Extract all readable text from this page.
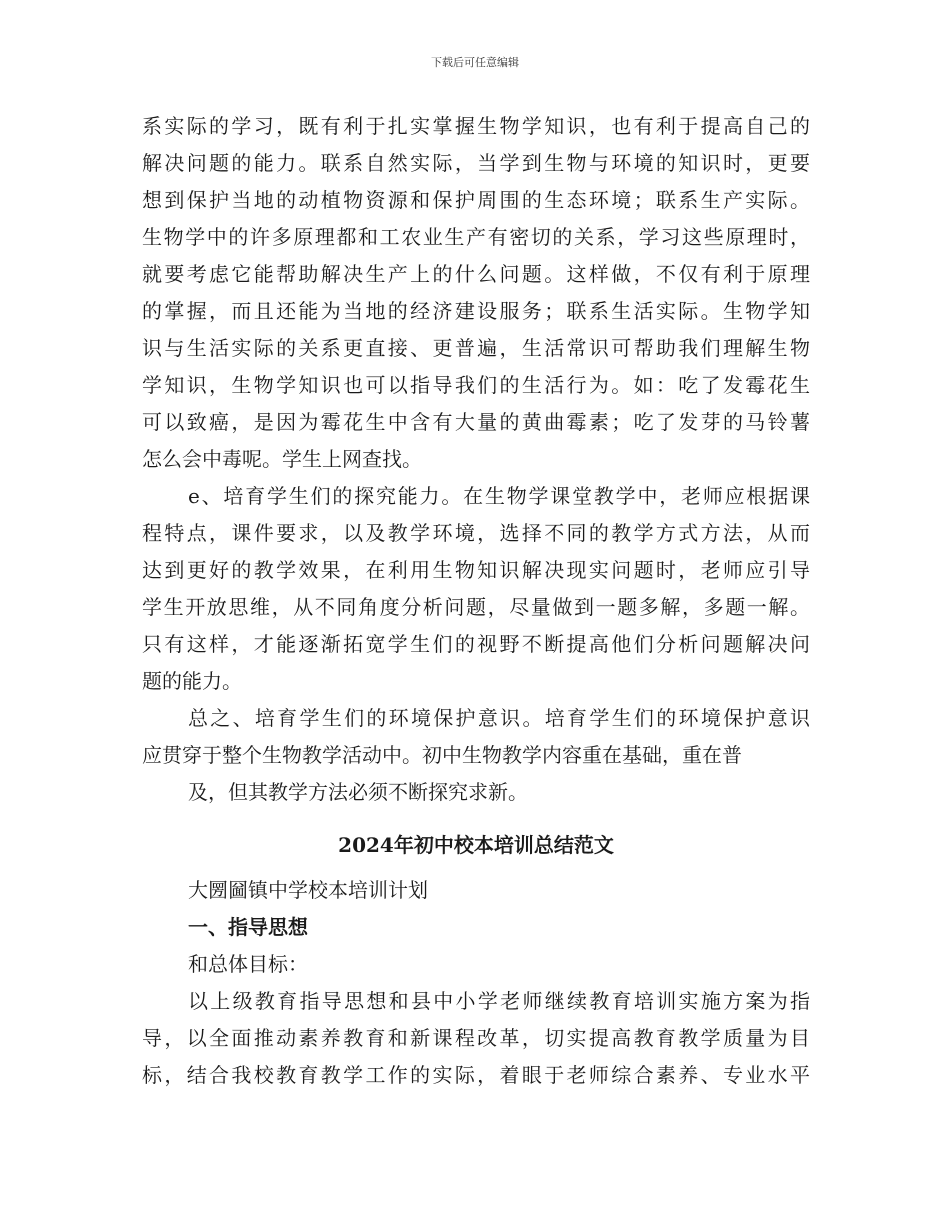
下载后可任意编辑
系实际的学习，既有利于扎实掌握生物学知识，也有利于提高自己的
解决问题的能力。联系自然实际，当学到生物与环境的知识时，更要
想到保护当地的动植物资源和保护周围的生态环境；联系生产实际。
生物学中的许多原理都和工农业生产有密切的关系，学习这些原理时，
就要考虑它能帮助解决生产上的什么问题。这样做，不仅有利于原理
的掌握，而且还能为当地的经济建设服务；联系生活实际。生物学知
识与生活实际的关系更直接、更普遍，生活常识可帮助我们理解生物
学知识，生物学知识也可以指导我们的生活行为。如：吃了发霉花生
可以致癌，是因为霉花生中含有大量的黄曲霉素；吃了发芽的马铃薯
怎么会中毒呢。学生上网查找。
e、培育学生们的探究能力。在生物学课堂教学中，老师应根据课
程特点，课件要求，以及教学环境，选择不同的教学方式方法，从而
达到更好的教学效果，在利用生物知识解决现实问题时，老师应引导
学生开放思维，从不同角度分析问题，尽量做到一题多解，多题一解。
只有这样，才能逐渐拓宽学生们的视野不断提高他们分析问题解决问
题的能力。
总之、培育学生们的环境保护意识。培育学生们的环境保护意识
应贯穿于整个生物教学活动中。初中生物教学内容重在基础，重在普
及，但其教学方法必须不断探究求新。
2024年初中校本培训总结范文
大圐圙镇中学校本培训计划
一、指导思想
和总体目标：
以上级教育指导思想和县中小学老师继续教育培训实施方案为指
导，以全面推动素养教育和新课程改革，切实提高教育教学质量为目
标，结合我校教育教学工作的实际，着眼于老师综合素养、专业水平
